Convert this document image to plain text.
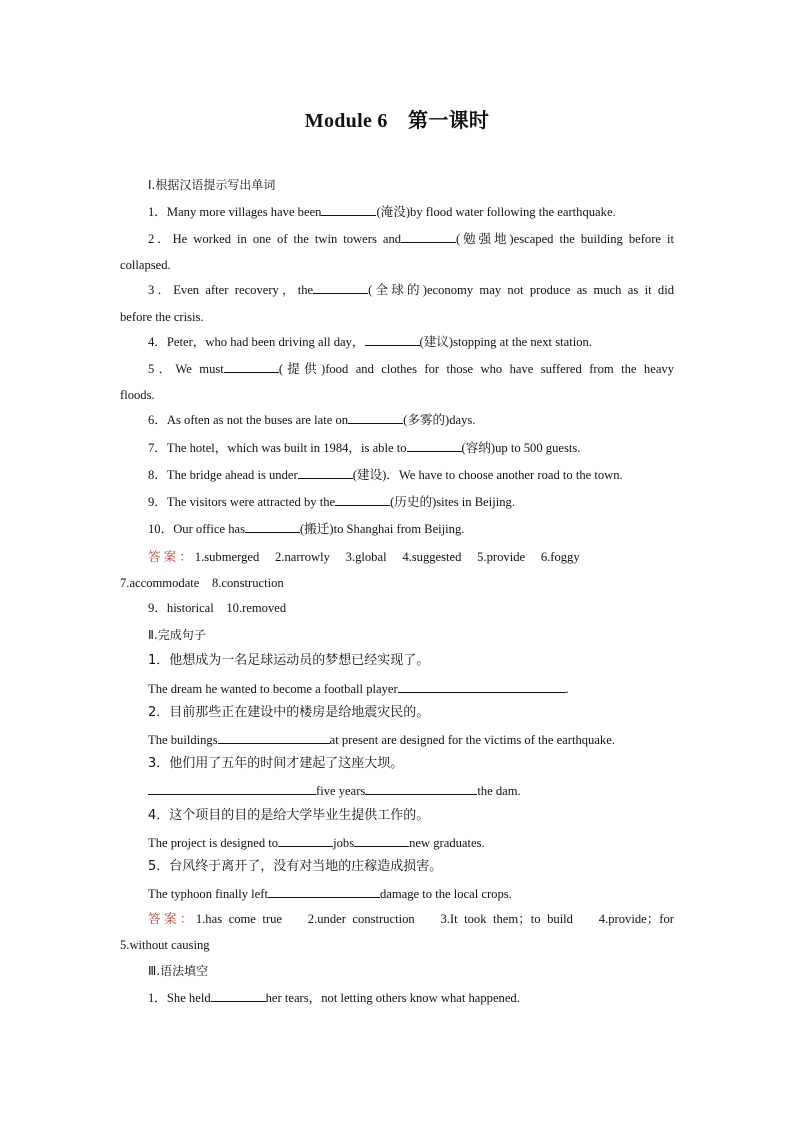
Module 6　第一课时
Ⅰ.根据汉语提示写出单词
1．Many more villages have been	(淹没)by flood water following the earthquake.
2．He worked in one of the twin towers and	(勉强地)escaped the building before it
collapsed.
3．Even after recovery，the	(全球的)economy may not produce as much as it did
before the crisis.
4．Peter，who had been driving all day，	(建议)stopping at the next station.
5．We must	(提供)food and clothes for those who have suffered from the heavy
floods.
6．As often as not the buses are late on	(多雾的)days.
7．The hotel，which was built in 1984，is able to	(容纳)up to 500 guests.
8．The bridge ahead is under	(建设)．We have to choose another road to the town.
9．The visitors were attracted by the	(历史的)sites in Beijing.
10．Our office has	(搬迁)to Shanghai from Beijing.
答案：1.submerged　 2.narrowly　 3.global　 4.suggested　 5.provide　 6.foggy
7.accommodate　8.construction
9．historical　10.removed
Ⅱ.完成句子
1．他想成为一名足球运动员的梦想已经实现了。
The dream he wanted to become a football player	.
2．目前那些正在建设中的楼房是给地震灾民的。
The buildings	at present are designed for the victims of the earthquake.
3．他们用了五年的时间才建起了这座大坝。
five years	the dam.
4．这个项目的目的是给大学毕业生提供工作的。
The project is designed to	jobs	new graduates.
5．台风终于离开了，没有对当地的庄稼造成损害。
The typhoon finally left	damage to the local crops.
答案：1.has come true　 2.under construction　 3.It took them；to build　 4.provide；for
5.without causing
Ⅲ.语法填空
1．She held	her tears，not letting others know what happened.
